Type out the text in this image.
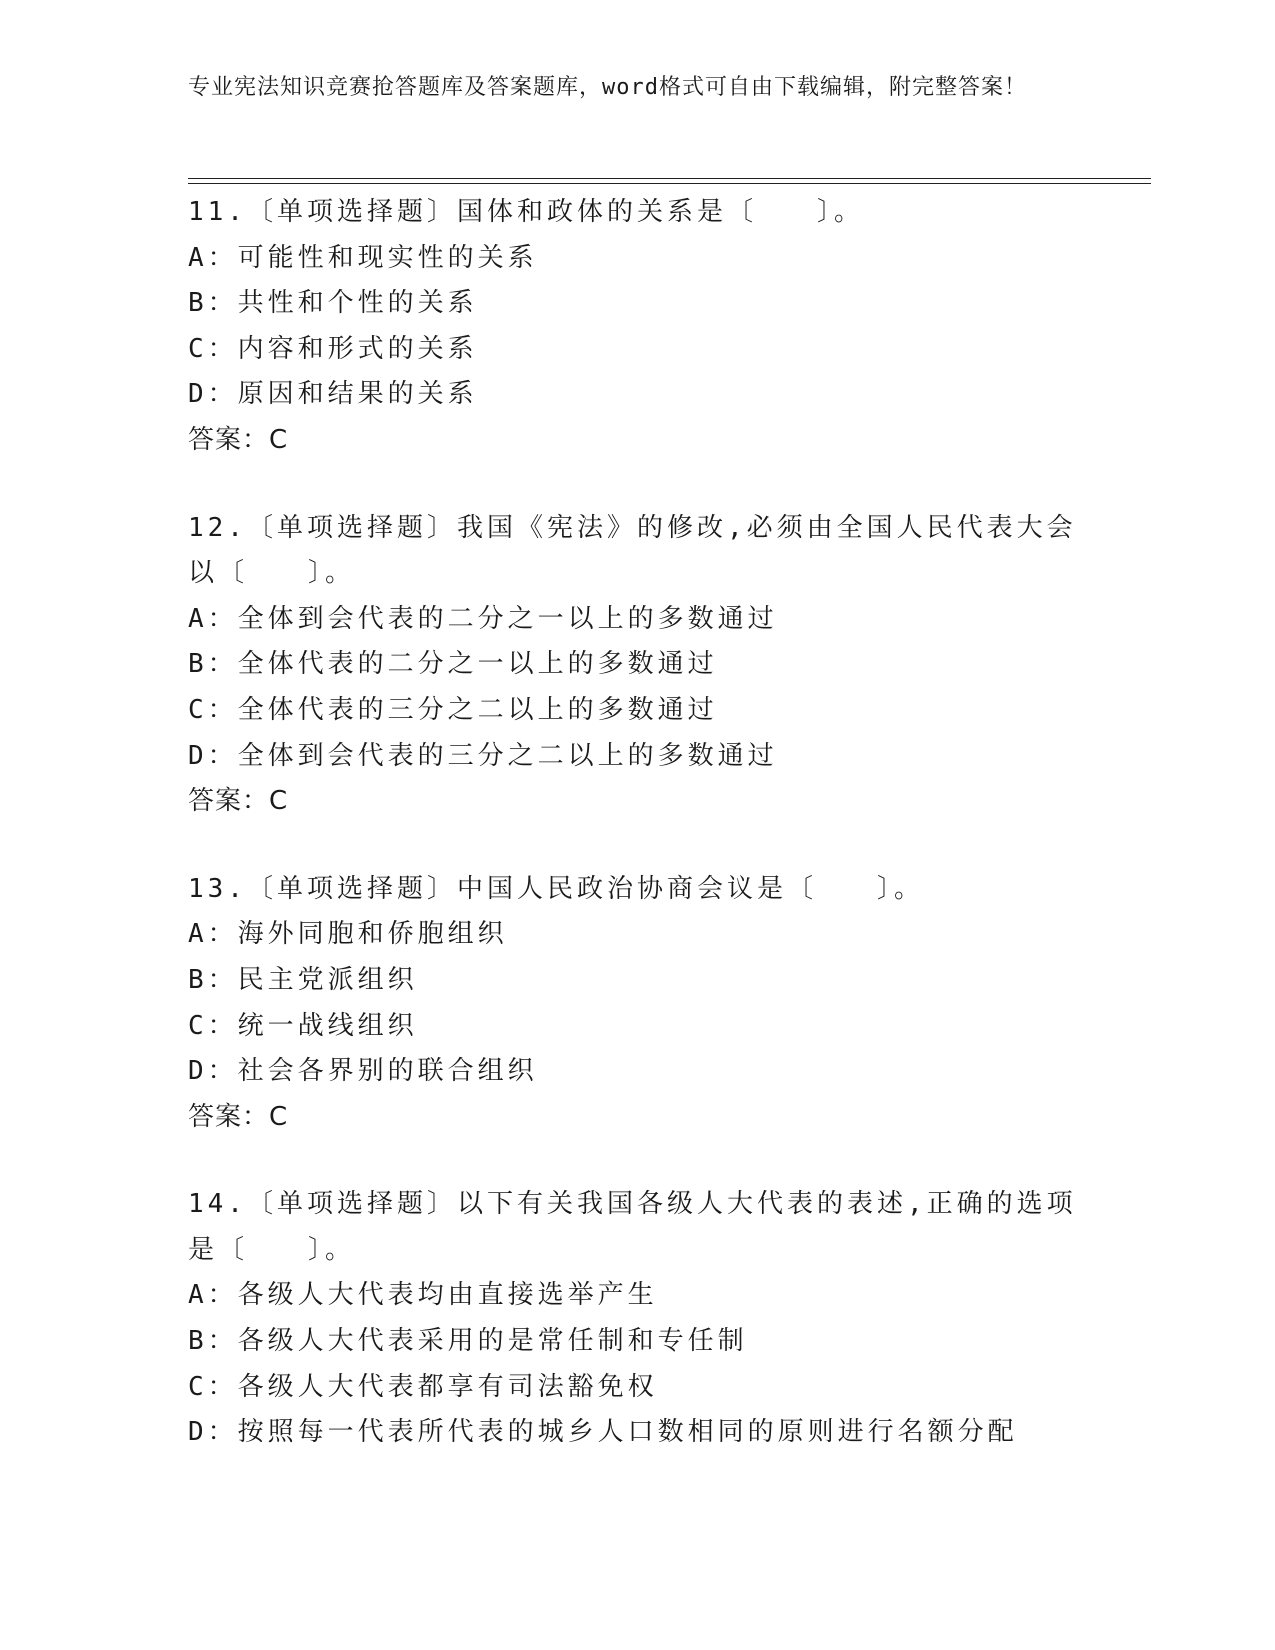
专业宪法知识竞赛抢答题库及答案题库，word格式可自由下载编辑，附完整答案！
11.〔单项选择题〕国体和政体的关系是〔　　〕。
A：可能性和现实性的关系
B：共性和个性的关系
C：内容和形式的关系
D：原因和结果的关系
答案：C
12.〔单项选择题〕我国《宪法》的修改,必须由全国人民代表大会以〔　　〕。
A：全体到会代表的二分之一以上的多数通过
B：全体代表的二分之一以上的多数通过
C：全体代表的三分之二以上的多数通过
D：全体到会代表的三分之二以上的多数通过
答案：C
13.〔单项选择题〕中国人民政治协商会议是〔　　〕。
A：海外同胞和侨胞组织
B：民主党派组织
C：统一战线组织
D：社会各界别的联合组织
答案：C
14.〔单项选择题〕以下有关我国各级人大代表的表述,正确的选项是〔　　〕。
A：各级人大代表均由直接选举产生
B：各级人大代表采用的是常任制和专任制
C：各级人大代表都享有司法豁免权
D：按照每一代表所代表的城乡人口数相同的原则进行名额分配
